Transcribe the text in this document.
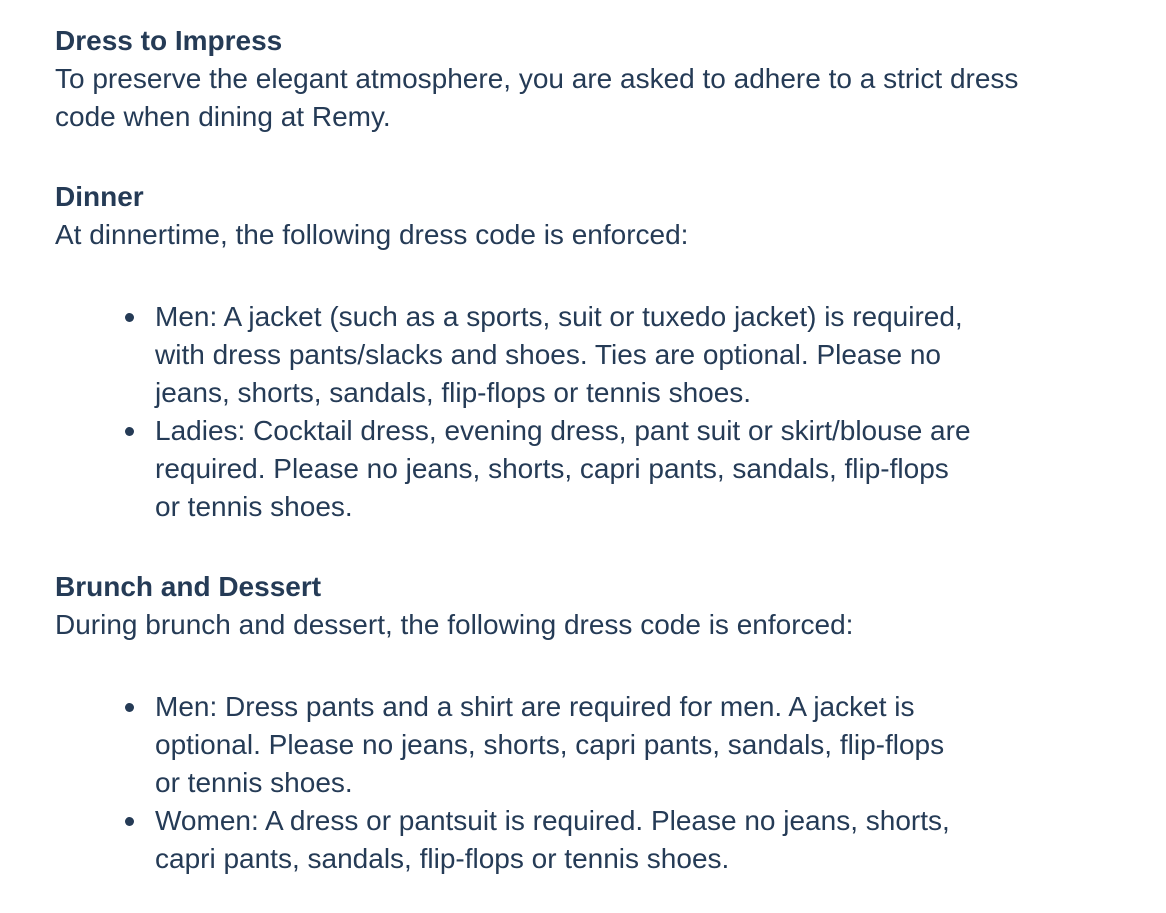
Dress to Impress

To preserve the elegant atmosphere, you are asked to adhere to a strict dress code when dining at Remy.

Dinner

At dinnertime, the following dress code is enforced:

Men: A jacket (such as a sports, suit or tuxedo jacket) is required, with dress pants/slacks and shoes. Ties are optional. Please no jeans, shorts, sandals, flip-flops or tennis shoes.
Ladies: Cocktail dress, evening dress, pant suit or skirt/blouse are required. Please no jeans, shorts, capri pants, sandals, flip-flops or tennis shoes.

Brunch and Dessert

During brunch and dessert, the following dress code is enforced:

Men: Dress pants and a shirt are required for men. A jacket is optional. Please no jeans, shorts, capri pants, sandals, flip-flops or tennis shoes.
Women: A dress or pantsuit is required. Please no jeans, shorts, capri pants, sandals, flip-flops or tennis shoes.
